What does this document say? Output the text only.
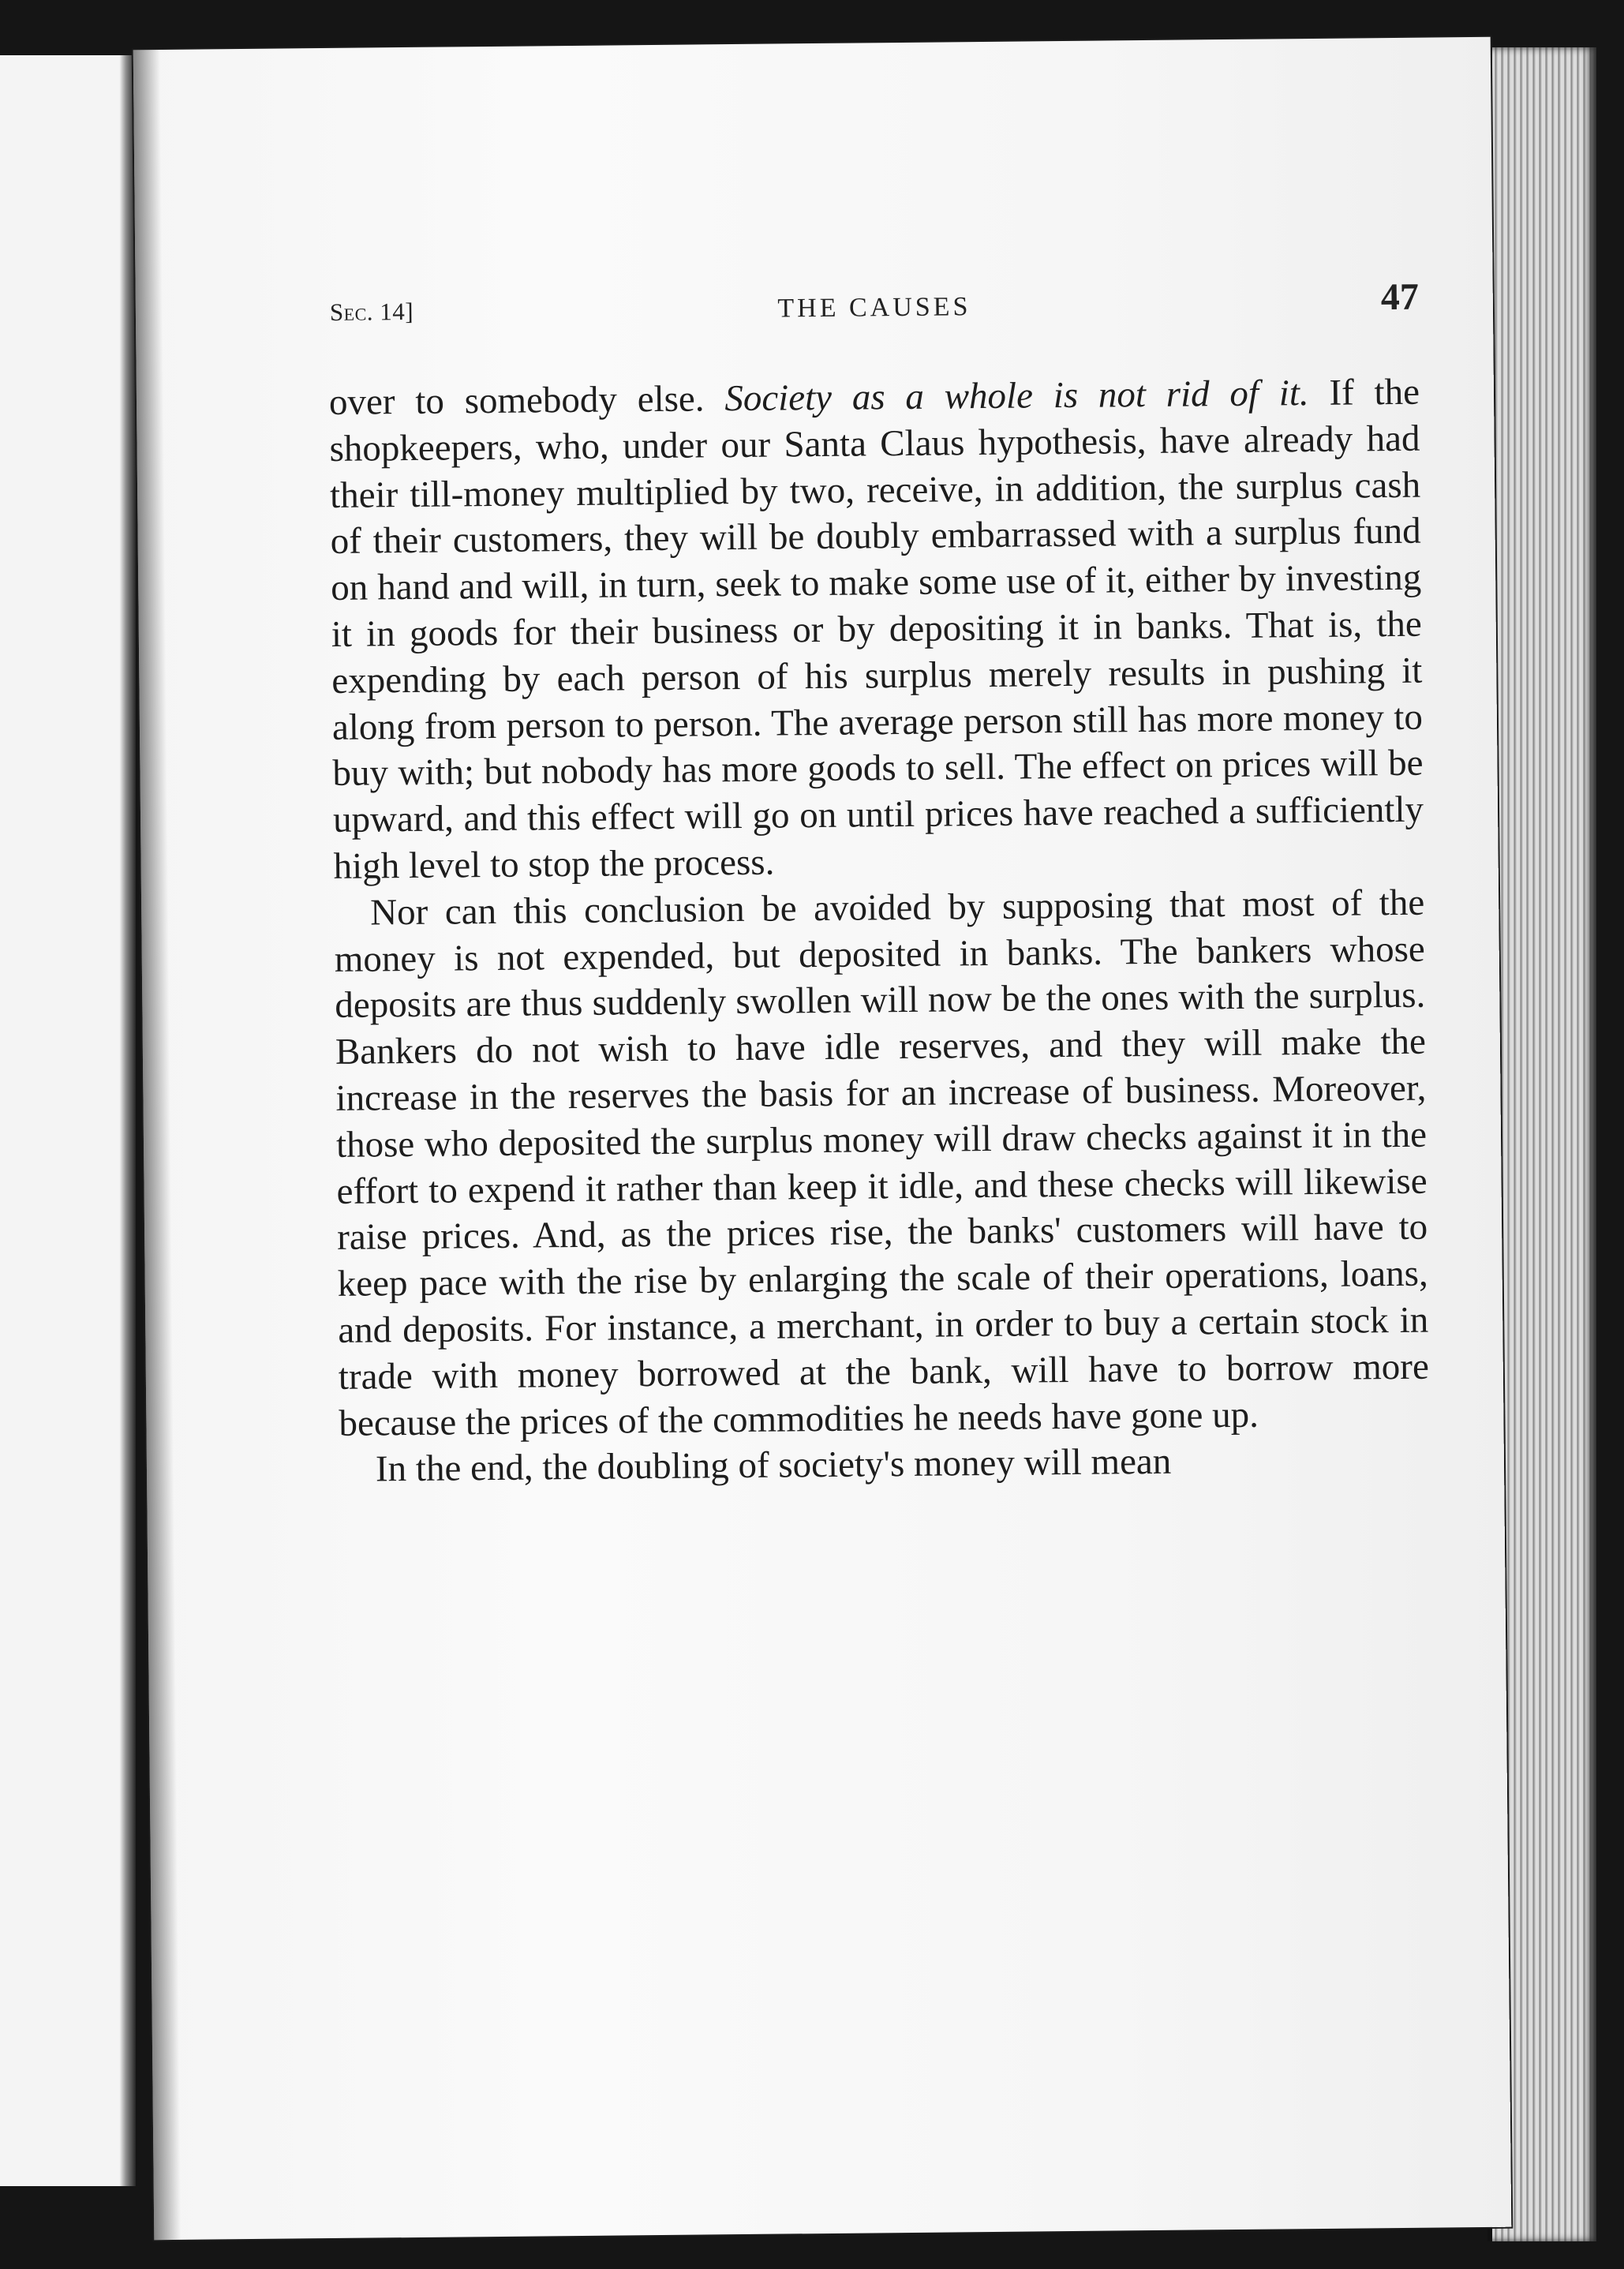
Sec. 14]	THE CAUSES	47

over to somebody else. Society as a whole is not rid of it. If the shopkeepers, who, under our Santa Claus hypothesis, have already had their till-money multiplied by two, receive, in addition, the surplus cash of their customers, they will be doubly embarrassed with a surplus fund on hand and will, in turn, seek to make some use of it, either by investing it in goods for their business or by depositing it in banks. That is, the expending by each person of his surplus merely results in pushing it along from person to person. The average person still has more money to buy with; but nobody has more goods to sell. The effect on prices will be upward, and this effect will go on until prices have reached a sufficiently high level to stop the process.

Nor can this conclusion be avoided by supposing that most of the money is not expended, but deposited in banks. The bankers whose deposits are thus suddenly swollen will now be the ones with the surplus. Bankers do not wish to have idle reserves, and they will make the increase in the reserves the basis for an increase of business. Moreover, those who deposited the surplus money will draw checks against it in the effort to expend it rather than keep it idle, and these checks will likewise raise prices. And, as the prices rise, the banks' customers will have to keep pace with the rise by enlarging the scale of their operations, loans, and deposits. For instance, a merchant, in order to buy a certain stock in trade with money borrowed at the bank, will have to borrow more because the prices of the commodities he needs have gone up.

In the end, the doubling of society's money will mean
